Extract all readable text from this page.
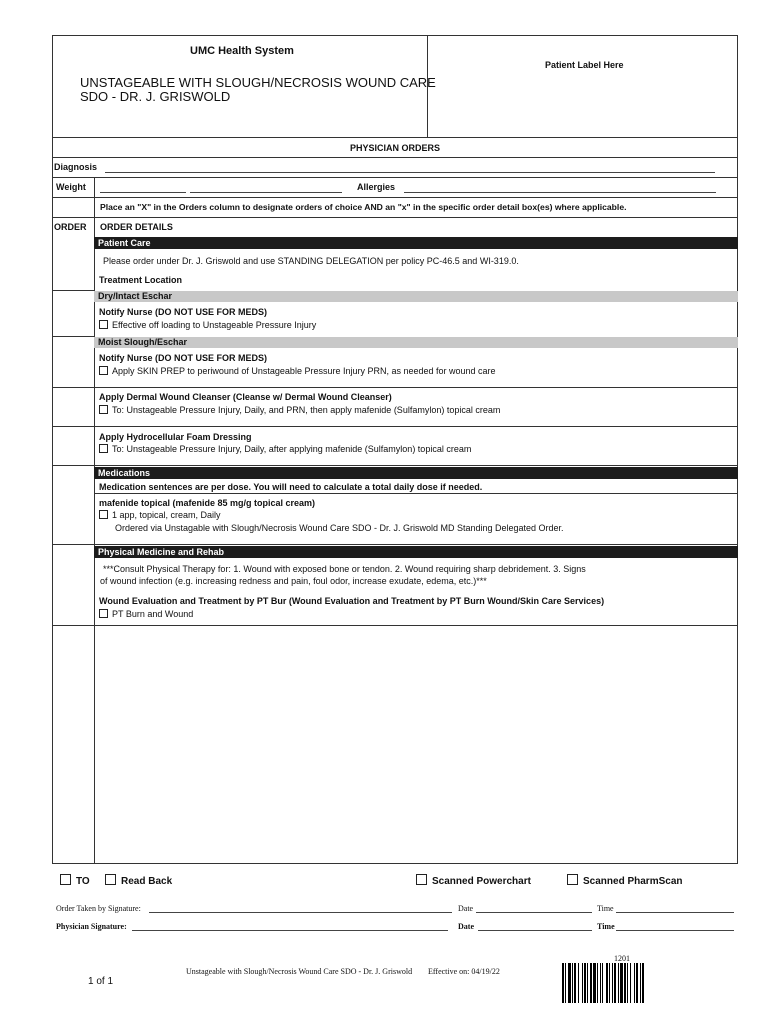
UMC Health System
UNSTAGEABLE WITH SLOUGH/NECROSIS WOUND CARE
SDO - DR. J. GRISWOLD
Patient Label Here
PHYSICIAN ORDERS
Diagnosis
Weight	Allergies
Place an "X" in the Orders column to designate orders of choice AND an "x" in the specific order detail box(es) where applicable.
ORDER ORDER DETAILS
Patient Care
Please order under Dr. J. Griswold and use STANDING DELEGATION per policy PC-46.5 and WI-319.0.
Treatment Location
Dry/Intact Eschar
Notify Nurse (DO NOT USE FOR MEDS)
Effective off loading to Unstageable Pressure Injury
Moist Slough/Eschar
Notify Nurse (DO NOT USE FOR MEDS)
Apply SKIN PREP to periwound of Unstageable Pressure Injury PRN, as needed for wound care
Apply Dermal Wound Cleanser (Cleanse w/ Dermal Wound Cleanser)
To: Unstageable Pressure Injury, Daily, and PRN, then apply mafenide (Sulfamylon) topical cream
Apply Hydrocellular Foam Dressing
To: Unstageable Pressure Injury, Daily, after applying mafenide (Sulfamylon) topical cream
Medications
Medication sentences are per dose. You will need to calculate a total daily dose if needed.
mafenide topical (mafenide 85 mg/g topical cream)
1 app, topical, cream, Daily
Ordered via Unstagable with Slough/Necrosis Wound Care SDO - Dr. J. Griswold MD Standing Delegated Order.
Physical Medicine and Rehab
***Consult Physical Therapy for: 1. Wound with exposed bone or tendon. 2. Wound requiring sharp debridement. 3. Signs
of wound infection (e.g. increasing redness and pain, foul odor, increase exudate, edema, etc.)***
Wound Evaluation and Treatment by PT Bur (Wound Evaluation and Treatment by PT Burn Wound/Skin Care Services)
PT Burn and Wound
TO	Read Back	Scanned Powerchart	Scanned PharmScan
Order Taken by Signature:	Date	Time
Physician Signature:	Date	Time
1201
Unstageable with Slough/Necrosis Wound Care SDO - Dr. J. Griswold Effective on: 04/19/22
1 of 1
